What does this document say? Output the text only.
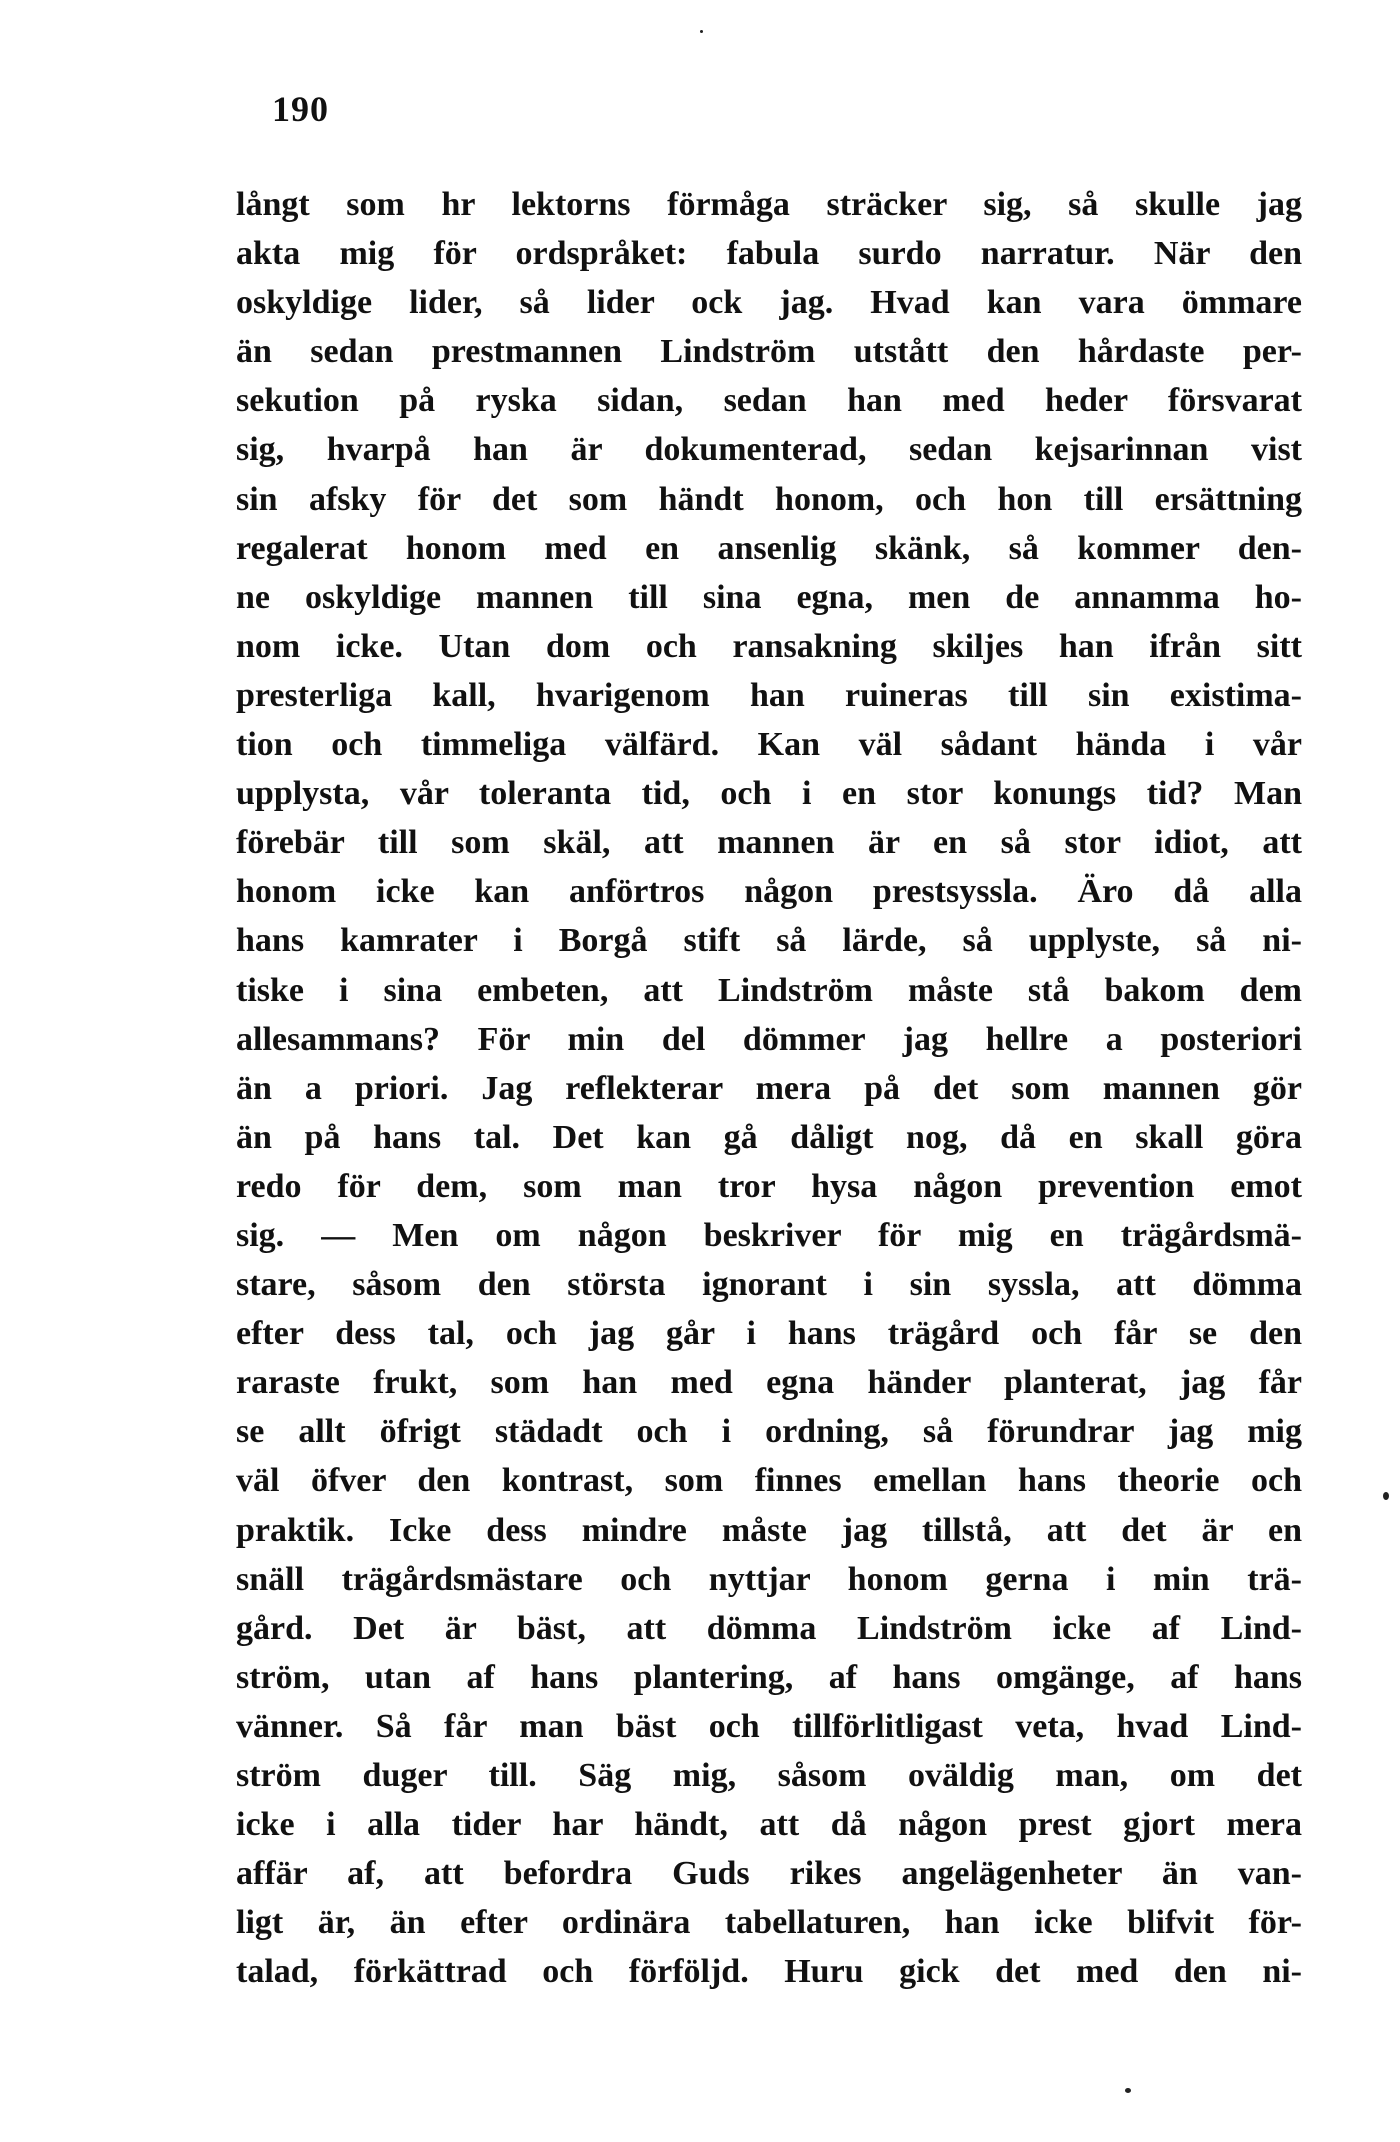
190
långt som hr lektorns förmåga sträcker sig, så skulle jag
akta mig för ordspråket: fabula surdo narratur. När den
oskyldige lider, så lider ock jag. Hvad kan vara ömmare
än sedan prestmannen Lindström utstått den hårdaste per-
sekution på ryska sidan, sedan han med heder försvarat
sig, hvarpå han är dokumenterad, sedan kejsarinnan vist
sin afsky för det som händt honom, och hon till ersättning
regalerat honom med en ansenlig skänk, så kommer den-
ne oskyldige mannen till sina egna, men de annamma ho-
nom icke. Utan dom och ransakning skiljes han ifrån sitt
presterliga kall, hvarigenom han ruineras till sin existima-
tion och timmeliga välfärd. Kan väl sådant hända i vår
upplysta, vår toleranta tid, och i en stor konungs tid? Man
förebär till som skäl, att mannen är en så stor idiot, att
honom icke kan anförtros någon prestsyssla. Äro då alla
hans kamrater i Borgå stift så lärde, så upplyste, så ni-
tiske i sina embeten, att Lindström måste stå bakom dem
allesammans? För min del dömmer jag hellre a posteriori
än a priori. Jag reflekterar mera på det som mannen gör
än på hans tal. Det kan gå dåligt nog, då en skall göra
redo för dem, som man tror hysa någon prevention emot
sig. — Men om någon beskriver för mig en trägårdsmä-
stare, såsom den största ignorant i sin syssla, att dömma
efter dess tal, och jag går i hans trägård och får se den
raraste frukt, som han med egna händer planterat, jag får
se allt öfrigt städadt och i ordning, så förundrar jag mig
väl öfver den kontrast, som finnes emellan hans theorie och
praktik. Icke dess mindre måste jag tillstå, att det är en
snäll trägårdsmästare och nyttjar honom gerna i min trä-
gård. Det är bäst, att dömma Lindström icke af Lind-
ström, utan af hans plantering, af hans omgänge, af hans
vänner. Så får man bäst och tillförlitligast veta, hvad Lind-
ström duger till. Säg mig, såsom oväldig man, om det
icke i alla tider har händt, att då någon prest gjort mera
affär af, att befordra Guds rikes angelägenheter än van-
ligt är, än efter ordinära tabellaturen, han icke blifvit för-
talad, förkättrad och förföljd. Huru gick det med den ni-
